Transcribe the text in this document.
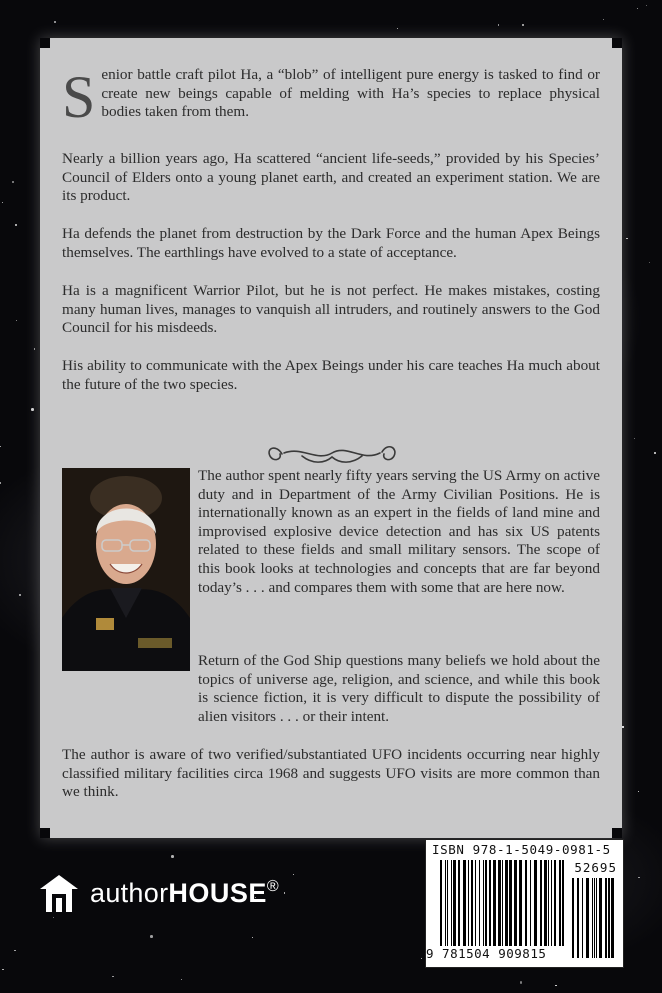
Senior battle craft pilot Ha, a “blob” of intelligent pure energy is tasked to find or create new beings capable of melding with Ha’s species to replace physical bodies taken from them.

Nearly a billion years ago, Ha scattered “ancient life-seeds,” provided by his Species’ Council of Elders onto a young planet earth, and created an experiment station. We are its product.

Ha defends the planet from destruction by the Dark Force and the human Apex Beings themselves. The earthlings have evolved to a state of acceptance.

Ha is a magnificent Warrior Pilot, but he is not perfect. He makes mistakes, costing many human lives, manages to vanquish all intruders, and routinely answers to the God Council for his misdeeds.

His ability to communicate with the Apex Beings under his care teaches Ha much about the future of the two species.

The author spent nearly fifty years serving the US Army on active duty and in Department of the Army Civilian Positions. He is internationally known as an expert in the fields of land mine and improvised explosive device detection and has six US patents related to these fields and small military sensors. The scope of this book looks at technologies and concepts that are far beyond today’s . . . and compares them with some that are here now.

Return of the God Ship questions many beliefs we hold about the topics of universe age, religion, and science, and while this book is science fiction, it is very difficult to dispute the possibility of alien visitors . . . or their intent.

The author is aware of two verified/substantiated UFO incidents occurring near highly classified military facilities circa 1968 and suggests UFO visits are more common than we think.

authorHOUSE®
ISBN 978-1-5049-0981-5
52695
9 781504 909815
